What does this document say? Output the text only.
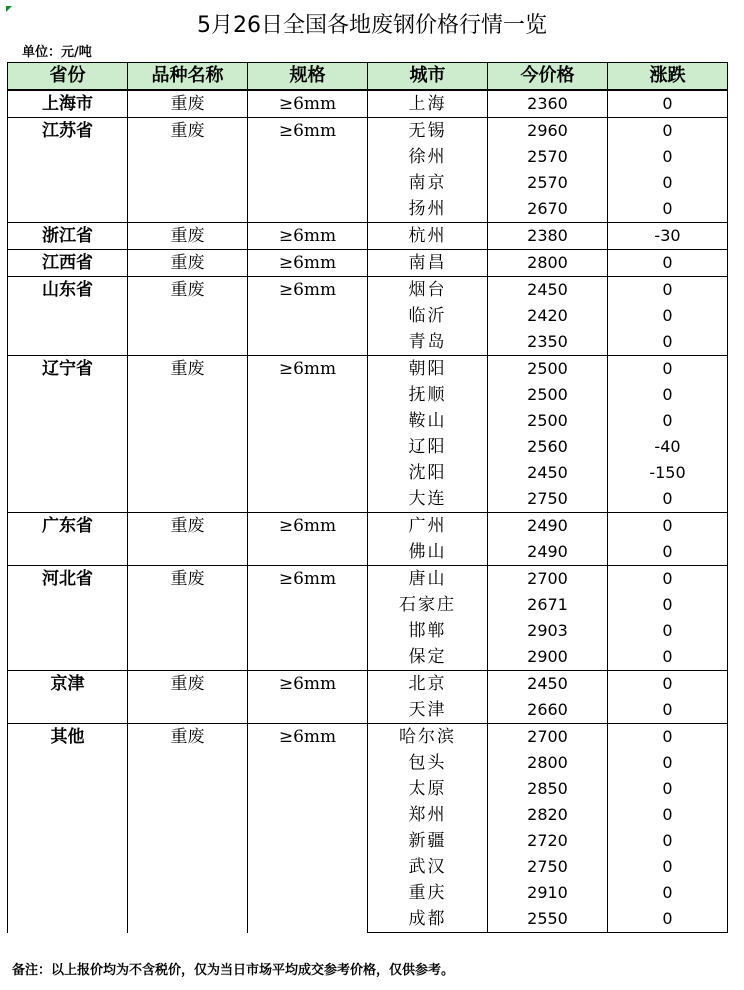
5月26日全国各地废钢价格行情一览
单位：元/吨
省份	品种名称	规格	城市	今价格	涨跌
上海市	重废	≥6mm	上海	2360	0
江苏省	重废	≥6mm	无锡	2960	0
			徐州	2570	0
			南京	2570	0
			扬州	2670	0
浙江省	重废	≥6mm	杭州	2380	-30
江西省	重废	≥6mm	南昌	2800	0
山东省	重废	≥6mm	烟台	2450	0
			临沂	2420	0
			青岛	2350	0
辽宁省	重废	≥6mm	朝阳	2500	0
			抚顺	2500	0
			鞍山	2500	0
			辽阳	2560	-40
			沈阳	2450	-150
			大连	2750	0
广东省	重废	≥6mm	广州	2490	0
			佛山	2490	0
河北省	重废	≥6mm	唐山	2700	0
			石家庄	2671	0
			邯郸	2903	0
			保定	2900	0
京津	重废	≥6mm	北京	2450	0
			天津	2660	0
其他	重废	≥6mm	哈尔滨	2700	0
			包头	2800	0
			太原	2850	0
			郑州	2820	0
			新疆	2720	0
			武汉	2750	0
			重庆	2910	0
			成都	2550	0
备注：以上报价均为不含税价，仅为当日市场平均成交参考价格，仅供参考。
